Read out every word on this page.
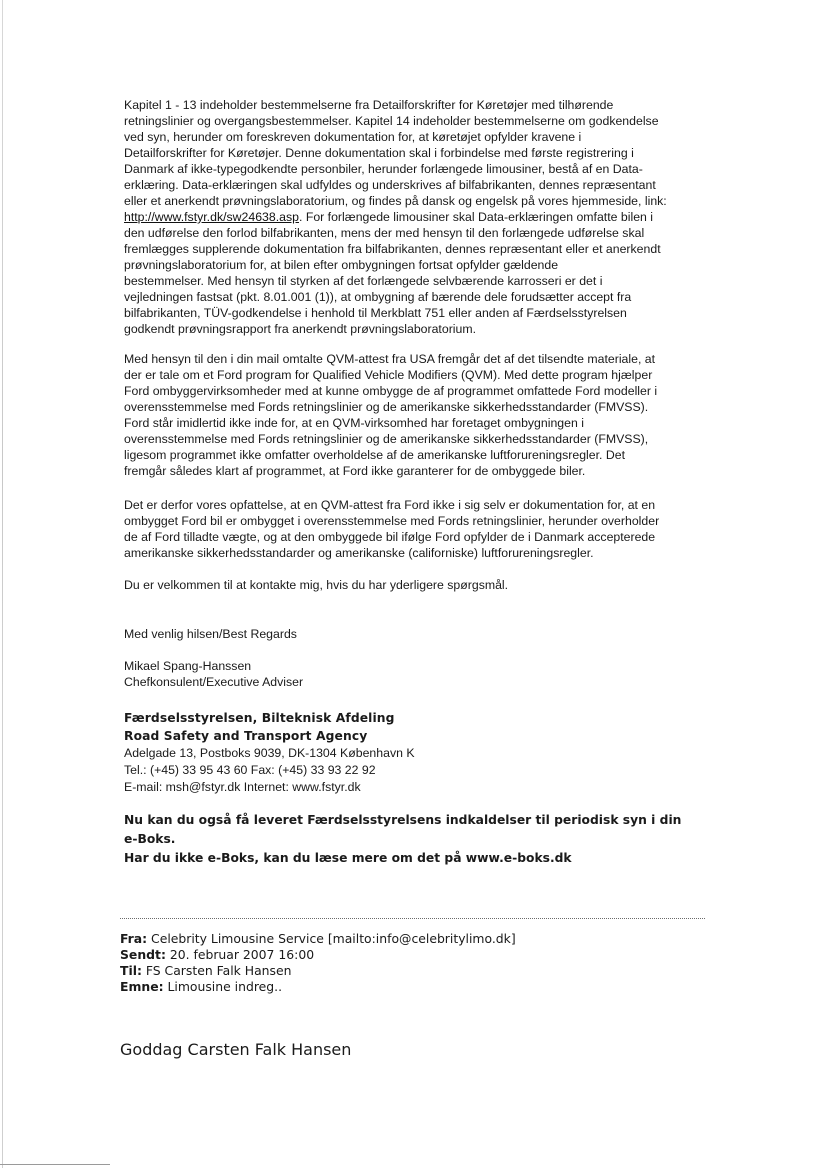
Kapitel 1 - 13 indeholder bestemmelserne fra Detailforskrifter for Køretøjer med tilhørende
retningslinier og overgangsbestemmelser. Kapitel 14 indeholder bestemmelserne om godkendelse
ved syn, herunder om foreskreven dokumentation for, at køretøjet opfylder kravene i
Detailforskrifter for Køretøjer. Denne dokumentation skal i forbindelse med første registrering i
Danmark af ikke-typegodkendte personbiler, herunder forlængede limousiner, bestå af en Data-
erklæring. Data-erklæringen skal udfyldes og underskrives af bilfabrikanten, dennes repræsentant
eller et anerkendt prøvningslaboratorium, og findes på dansk og engelsk på vores hjemmeside, link:
http://www.fstyr.dk/sw24638.asp. For forlængede limousiner skal Data-erklæringen omfatte bilen i
den udførelse den forlod bilfabrikanten, mens der med hensyn til den forlængede udførelse skal
fremlægges supplerende dokumentation fra bilfabrikanten, dennes repræsentant eller et anerkendt
prøvningslaboratorium for, at bilen efter ombygningen fortsat opfylder gældende
bestemmelser. Med hensyn til styrken af det forlængede selvbærende karrosseri er det i
vejledningen fastsat (pkt. 8.01.001 (1)), at ombygning af bærende dele forudsætter accept fra
bilfabrikanten, TÜV-godkendelse i henhold til Merkblatt 751 eller anden af Færdselsstyrelsen
godkendt prøvningsrapport fra anerkendt prøvningslaboratorium.

Med hensyn til den i din mail omtalte QVM-attest fra USA fremgår det af det tilsendte materiale, at
der er tale om et Ford program for Qualified Vehicle Modifiers (QVM). Med dette program hjælper
Ford ombyggervirksomheder med at kunne ombygge de af programmet omfattede Ford modeller i
overensstemmelse med Fords retningslinier og de amerikanske sikkerhedsstandarder (FMVSS).
Ford står imidlertid ikke inde for, at en QVM-virksomhed har foretaget ombygningen i
overensstemmelse med Fords retningslinier og de amerikanske sikkerhedsstandarder (FMVSS),
ligesom programmet ikke omfatter overholdelse af de amerikanske luftforureningsregler. Det
fremgår således klart af programmet, at Ford ikke garanterer for de ombyggede biler.

Det er derfor vores opfattelse, at en QVM-attest fra Ford ikke i sig selv er dokumentation for, at en
ombygget Ford bil er ombygget i overensstemmelse med Fords retningslinier, herunder overholder
de af Ford tilladte vægte, og at den ombyggede bil ifølge Ford opfylder de i Danmark accepterede
amerikanske sikkerhedsstandarder og amerikanske (californiske) luftforureningsregler.

Du er velkommen til at kontakte mig, hvis du har yderligere spørgsmål.

Med venlig hilsen/Best Regards

Mikael Spang-Hanssen
Chefkonsulent/Executive Adviser

Færdselsstyrelsen, Bilteknisk Afdeling
Road Safety and Transport Agency
Adelgade 13, Postboks 9039, DK-1304 København K
Tel.: (+45) 33 95 43 60 Fax: (+45) 33 93 22 92
E-mail: msh@fstyr.dk Internet: www.fstyr.dk
Nu kan du også få leveret Færdselsstyrelsens indkaldelser til periodisk syn i din
e-Boks.
Har du ikke e-Boks, kan du læse mere om det på www.e-boks.dk
Fra: Celebrity Limousine Service [mailto:info@celebritylimo.dk]
Sendt: 20. februar 2007 16:00
Til: FS Carsten Falk Hansen
Emne: Limousine indreg..
Goddag Carsten Falk Hansen
